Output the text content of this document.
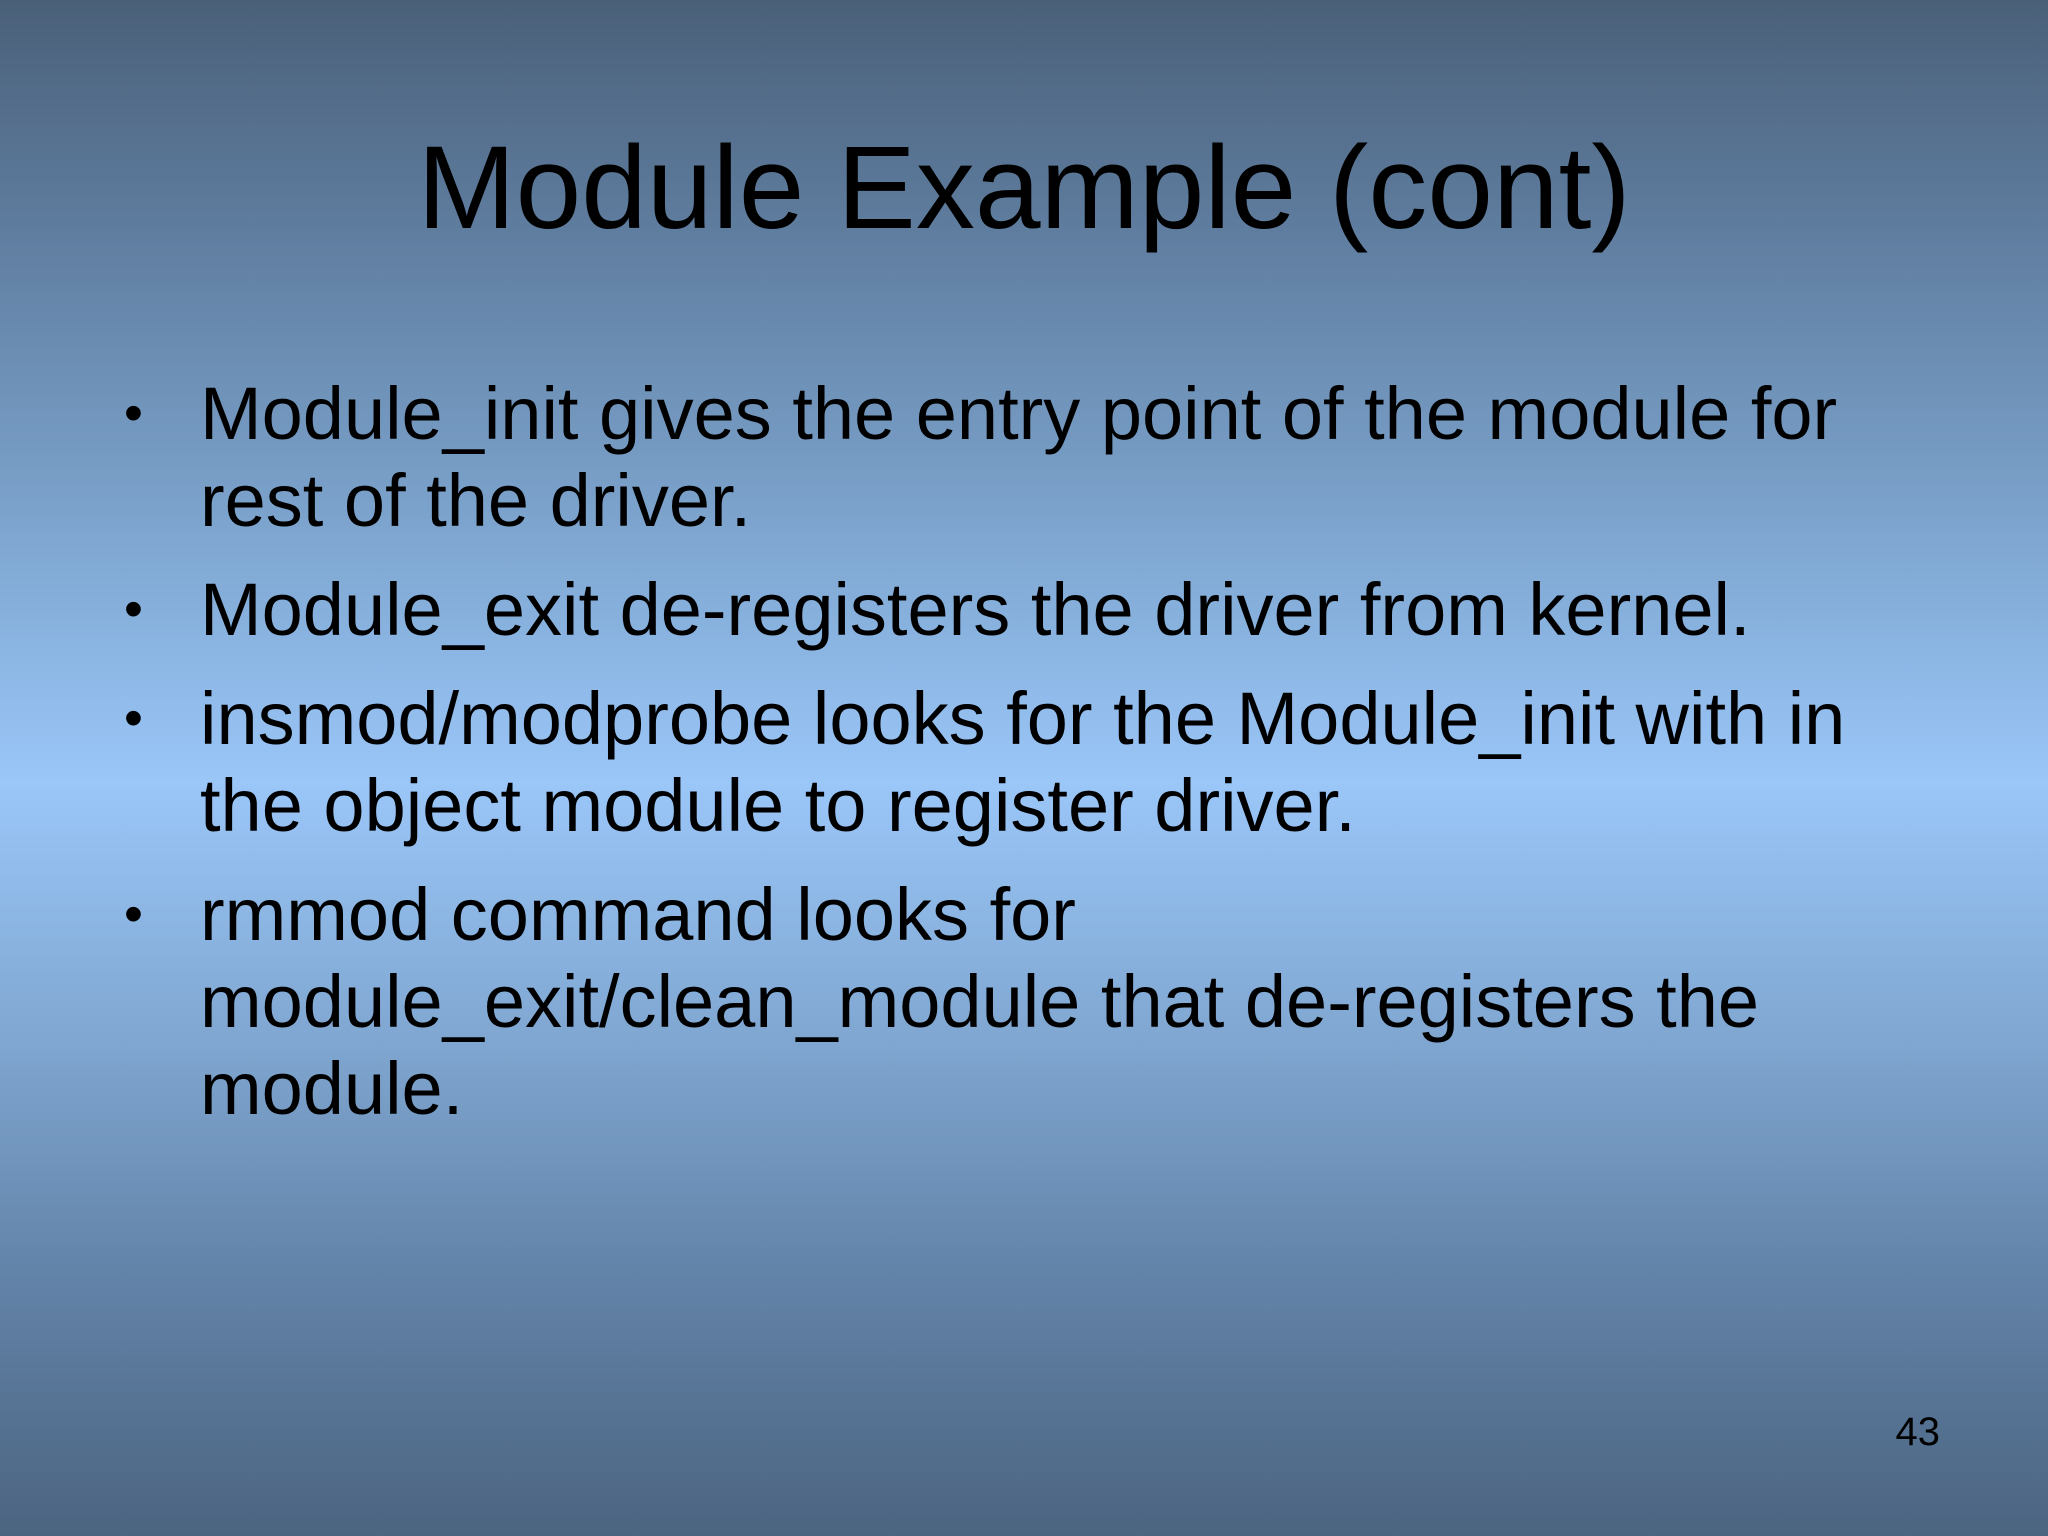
Module Example (cont)
• Module_init gives the entry point of the module for rest of the driver.
• Module_exit de-registers the driver from kernel.
• insmod/modprobe looks for the Module_init with in the object module to register driver.
• rmmod command looks for module_exit/clean_module that de-registers the module.
43
